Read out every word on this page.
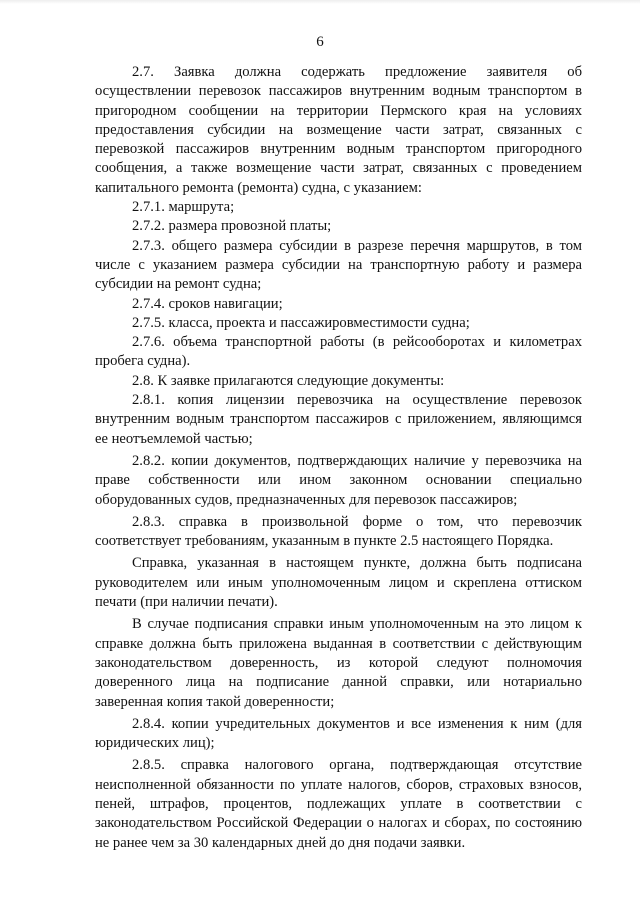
6

2.7. Заявка должна содержать предложение заявителя об осуществлении перевозок пассажиров внутренним водным транспортом в пригородном сообщении на территории Пермского края на условиях предоставления субсидии на возмещение части затрат, связанных с перевозкой пассажиров внутренним водным транспортом пригородного сообщения, а также возмещение части затрат, связанных с проведением капитального ремонта (ремонта) судна, с указанием:

2.7.1. маршрута;

2.7.2. размера провозной платы;

2.7.3. общего размера субсидии в разрезе перечня маршрутов, в том числе с указанием размера субсидии на транспортную работу и размера субсидии на ремонт судна;

2.7.4. сроков навигации;

2.7.5. класса, проекта и пассажировместимости судна;

2.7.6. объема транспортной работы (в рейсооборотах и километрах пробега судна).

2.8. К заявке прилагаются следующие документы:

2.8.1. копия лицензии перевозчика на осуществление перевозок внутренним водным транспортом пассажиров с приложением, являющимся ее неотъемлемой частью;

2.8.2. копии документов, подтверждающих наличие у перевозчика на праве собственности или ином законном основании специально оборудованных судов, предназначенных для перевозок пассажиров;

2.8.3. справка в произвольной форме о том, что перевозчик соответствует требованиям, указанным в пункте 2.5 настоящего Порядка.

Справка, указанная в настоящем пункте, должна быть подписана руководителем или иным уполномоченным лицом и скреплена оттиском печати (при наличии печати).

В случае подписания справки иным уполномоченным на это лицом к справке должна быть приложена выданная в соответствии с действующим законодательством доверенность, из которой следуют полномочия доверенного лица на подписание данной справки, или нотариально заверенная копия такой доверенности;

2.8.4. копии учредительных документов и все изменения к ним (для юридических лиц);

2.8.5. справка налогового органа, подтверждающая отсутствие неисполненной обязанности по уплате налогов, сборов, страховых взносов, пеней, штрафов, процентов, подлежащих уплате в соответствии с законодательством Российской Федерации о налогах и сборах, по состоянию не ранее чем за 30 календарных дней до дня подачи заявки.
